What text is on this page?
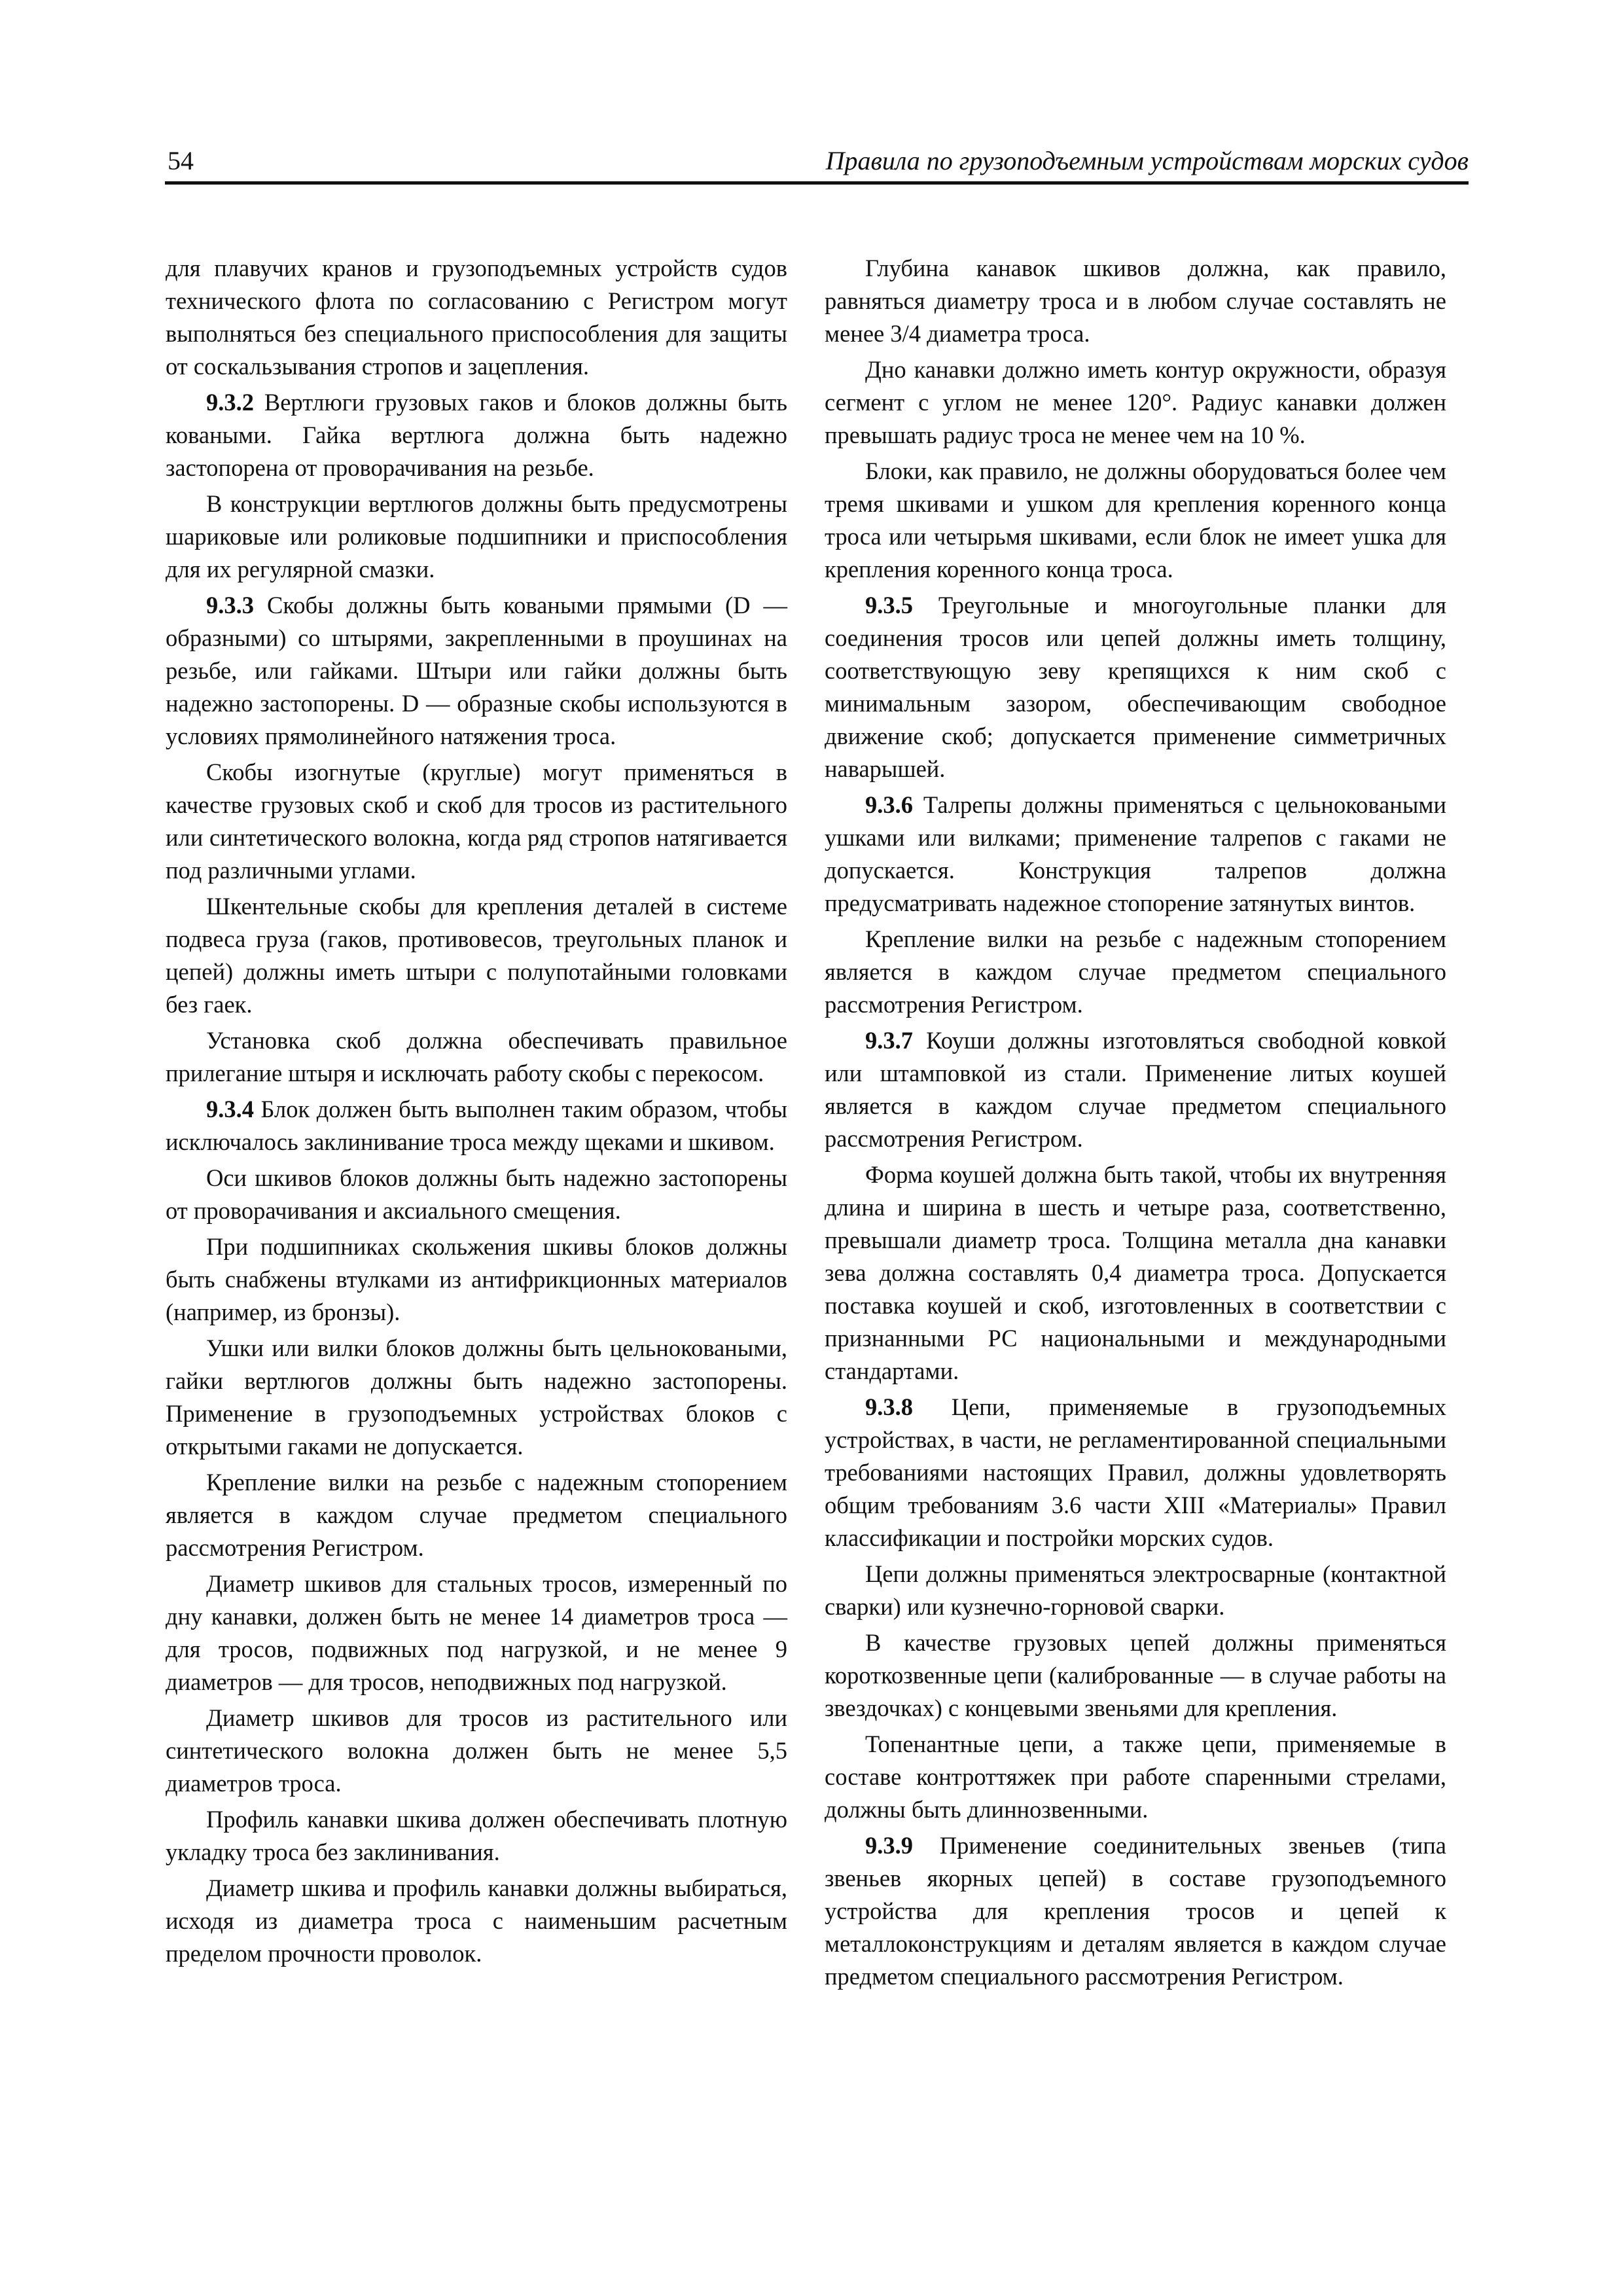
54	Правила по грузоподъемным устройствам морских судов

для плавучих кранов и грузоподъемных устройств судов технического флота по согласованию с Регистром могут выполняться без специального приспособления для защиты от соскальзывания стропов и зацепления.

9.3.2 Вертлюги грузовых гаков и блоков должны быть коваными. Гайка вертлюга должна быть надежно застопорена от проворачивания на резьбе.

В конструкции вертлюгов должны быть предусмотрены шариковые или роликовые подшипники и приспособления для их регулярной смазки.

9.3.3 Скобы должны быть коваными прямыми (D — образными) со штырями, закрепленными в проушинах на резьбе, или гайками. Штыри или гайки должны быть надежно застопорены. D — образные скобы используются в условиях прямолинейного натяжения троса.

Скобы изогнутые (круглые) могут применяться в качестве грузовых скоб и скоб для тросов из растительного или синтетического волокна, когда ряд стропов натягивается под различными углами.

Шкентельные скобы для крепления деталей в системе подвеса груза (гаков, противовесов, треугольных планок и цепей) должны иметь штыри с полупотайными головками без гаек.

Установка скоб должна обеспечивать правильное прилегание штыря и исключать работу скобы с перекосом.

9.3.4 Блок должен быть выполнен таким образом, чтобы исключалось заклинивание троса между щеками и шкивом.

Оси шкивов блоков должны быть надежно застопорены от проворачивания и аксиального смещения.

При подшипниках скольжения шкивы блоков должны быть снабжены втулками из антифрикционных материалов (например, из бронзы).

Ушки или вилки блоков должны быть цельноковаными, гайки вертлюгов должны быть надежно застопорены. Применение в грузоподъемных устройствах блоков с открытыми гаками не допускается.

Крепление вилки на резьбе с надежным стопорением является в каждом случае предметом специального рассмотрения Регистром.

Диаметр шкивов для стальных тросов, измеренный по дну канавки, должен быть не менее 14 диаметров троса — для тросов, подвижных под нагрузкой, и не менее 9 диаметров — для тросов, неподвижных под нагрузкой.

Диаметр шкивов для тросов из растительного или синтетического волокна должен быть не менее 5,5 диаметров троса.

Профиль канавки шкива должен обеспечивать плотную укладку троса без заклинивания.

Диаметр шкива и профиль канавки должны выбираться, исходя из диаметра троса с наименьшим расчетным пределом прочности проволок.

Глубина канавок шкивов должна, как правило, равняться диаметру троса и в любом случае составлять не менее 3/4 диаметра троса.

Дно канавки должно иметь контур окружности, образуя сегмент с углом не менее 120°. Радиус канавки должен превышать радиус троса не менее чем на 10 %.

Блоки, как правило, не должны оборудоваться более чем тремя шкивами и ушком для крепления коренного конца троса или четырьмя шкивами, если блок не имеет ушка для крепления коренного конца троса.

9.3.5 Треугольные и многоугольные планки для соединения тросов или цепей должны иметь толщину, соответствующую зеву крепящихся к ним скоб с минимальным зазором, обеспечивающим свободное движение скоб; допускается применение симметричных наварышей.

9.3.6 Талрепы должны применяться с цельноковаными ушками или вилками; применение талрепов с гаками не допускается. Конструкция талрепов должна предусматривать надежное стопорение затянутых винтов.

Крепление вилки на резьбе с надежным стопорением является в каждом случае предметом специального рассмотрения Регистром.

9.3.7 Коуши должны изготовляться свободной ковкой или штамповкой из стали. Применение литых коушей является в каждом случае предметом специального рассмотрения Регистром.

Форма коушей должна быть такой, чтобы их внутренняя длина и ширина в шесть и четыре раза, соответственно, превышали диаметр троса. Толщина металла дна канавки зева должна составлять 0,4 диаметра троса. Допускается поставка коушей и скоб, изготовленных в соответствии с признанными РС национальными и международными стандартами.

9.3.8 Цепи, применяемые в грузоподъемных устройствах, в части, не регламентированной специальными требованиями настоящих Правил, должны удовлетворять общим требованиям 3.6 части XIII «Материалы» Правил классификации и постройки морских судов.

Цепи должны применяться электросварные (контактной сварки) или кузнечно-горновой сварки.

В качестве грузовых цепей должны применяться короткозвенные цепи (калиброванные — в случае работы на звездочках) с концевыми звеньями для крепления.

Топенантные цепи, а также цепи, применяемые в составе контроттяжек при работе спаренными стрелами, должны быть длиннозвенными.

9.3.9 Применение соединительных звеньев (типа звеньев якорных цепей) в составе грузоподъемного устройства для крепления тросов и цепей к металлоконструкциям и деталям является в каждом случае предметом специального рассмотрения Регистром.
